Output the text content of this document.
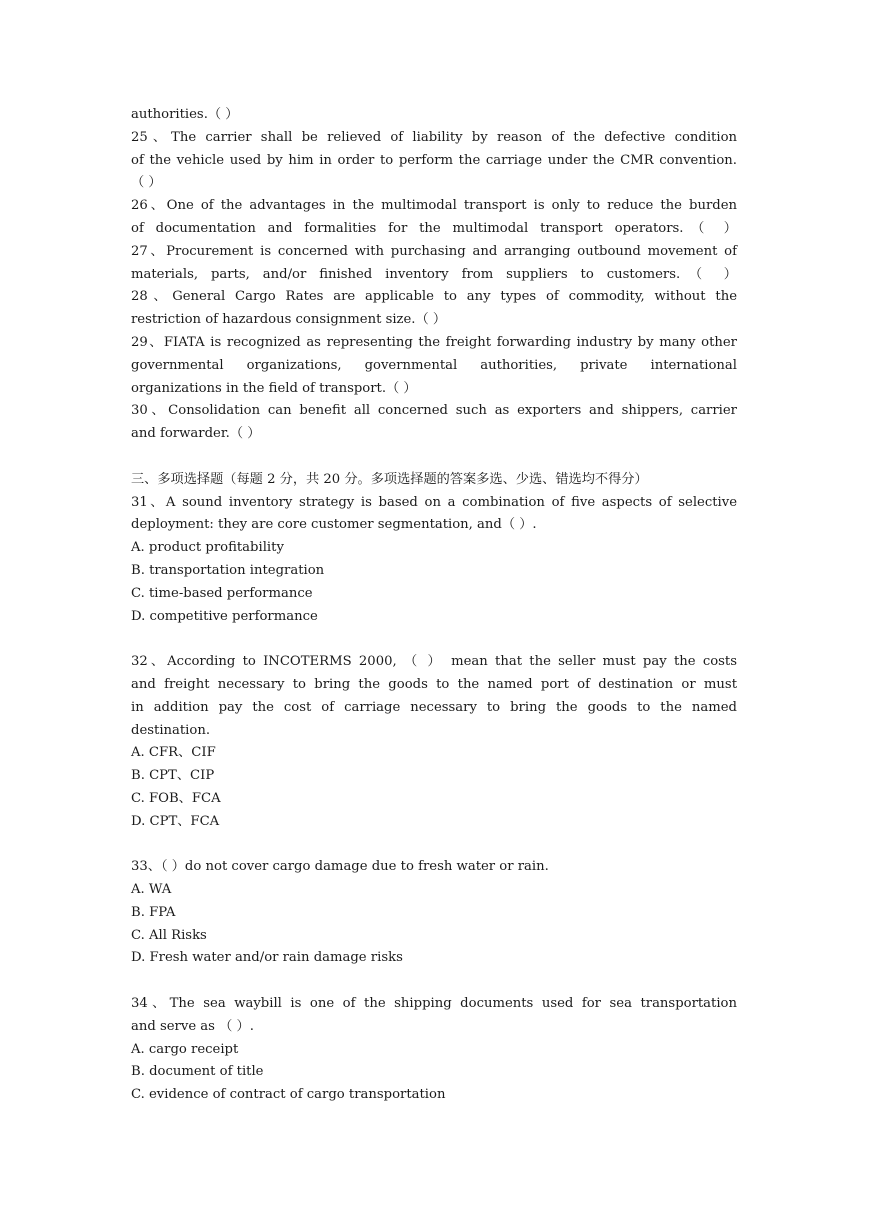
authorities.（ ）
25、The carrier shall be relieved of liability by reason of the defective condition
of the vehicle used by him in order to perform the carriage under the CMR convention.
（ ）
26、One of the advantages in the multimodal transport is only to reduce the burden
of documentation and formalities for the multimodal transport operators.（ ）
27、Procurement is concerned with purchasing and arranging outbound movement of
materials, parts, and/or finished inventory from suppliers to customers.（ ）
28、General Cargo Rates are applicable to any types of commodity, without the
restriction of hazardous consignment size.（ ）
29、FIATA is recognized as representing the freight forwarding industry by many other
governmental organizations, governmental authorities, private international
organizations in the field of transport.（ ）
30、Consolidation can benefit all concerned such as exporters and shippers, carrier
and forwarder.（ ）
三、多项选择题（每题 2 分，共 20 分。多项选择题的答案多选、少选、错选均不得分）
31、A sound inventory strategy is based on a combination of five aspects of selective
deployment: they are core customer segmentation, and（ ）.
A. product profitability
B. transportation integration
C. time-based performance
D. competitive performance
32、According to INCOTERMS 2000, （ ） mean that the seller must pay the costs
and freight necessary to bring the goods to the named port of destination or must
in addition pay the cost of carriage necessary to bring the goods to the named
destination.
A. CFR、CIF
B. CPT、CIP
C. FOB、FCA
D. CPT、FCA
33、（ ）do not cover cargo damage due to fresh water or rain.
A. WA
B. FPA
C. All Risks
D. Fresh water and/or rain damage risks
34、The sea waybill is one of the shipping documents used for sea transportation
and serve as （ ）.
A. cargo receipt
B. document of title
C. evidence of contract of cargo transportation
